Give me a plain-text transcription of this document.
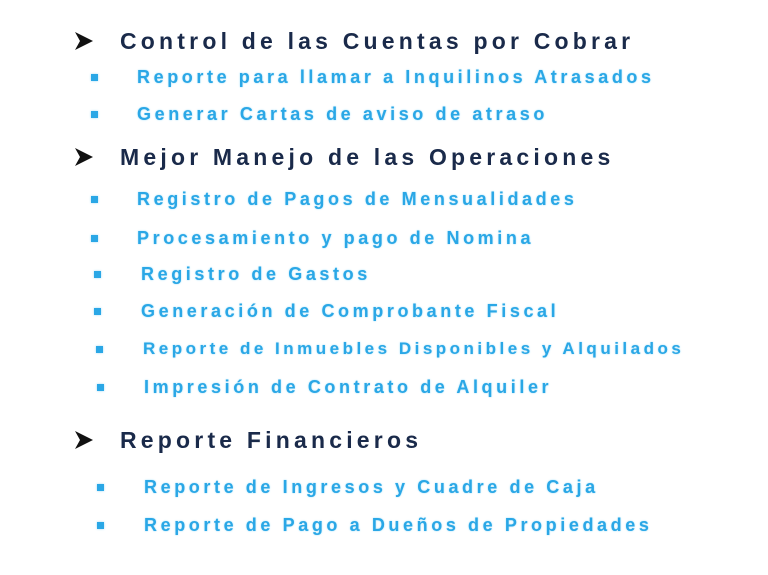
Control de las Cuentas por Cobrar
Reporte para llamar a Inquilinos Atrasados
Generar Cartas de aviso de atraso
Mejor Manejo de las Operaciones
Registro de Pagos de Mensualidades
Procesamiento y pago de Nomina
Registro de Gastos
Generación de Comprobante Fiscal
Reporte de Inmuebles Disponibles y Alquilados
Impresión de Contrato de Alquiler
Reporte Financieros
Reporte de Ingresos y Cuadre de Caja
Reporte de Pago a Dueños de Propiedades
